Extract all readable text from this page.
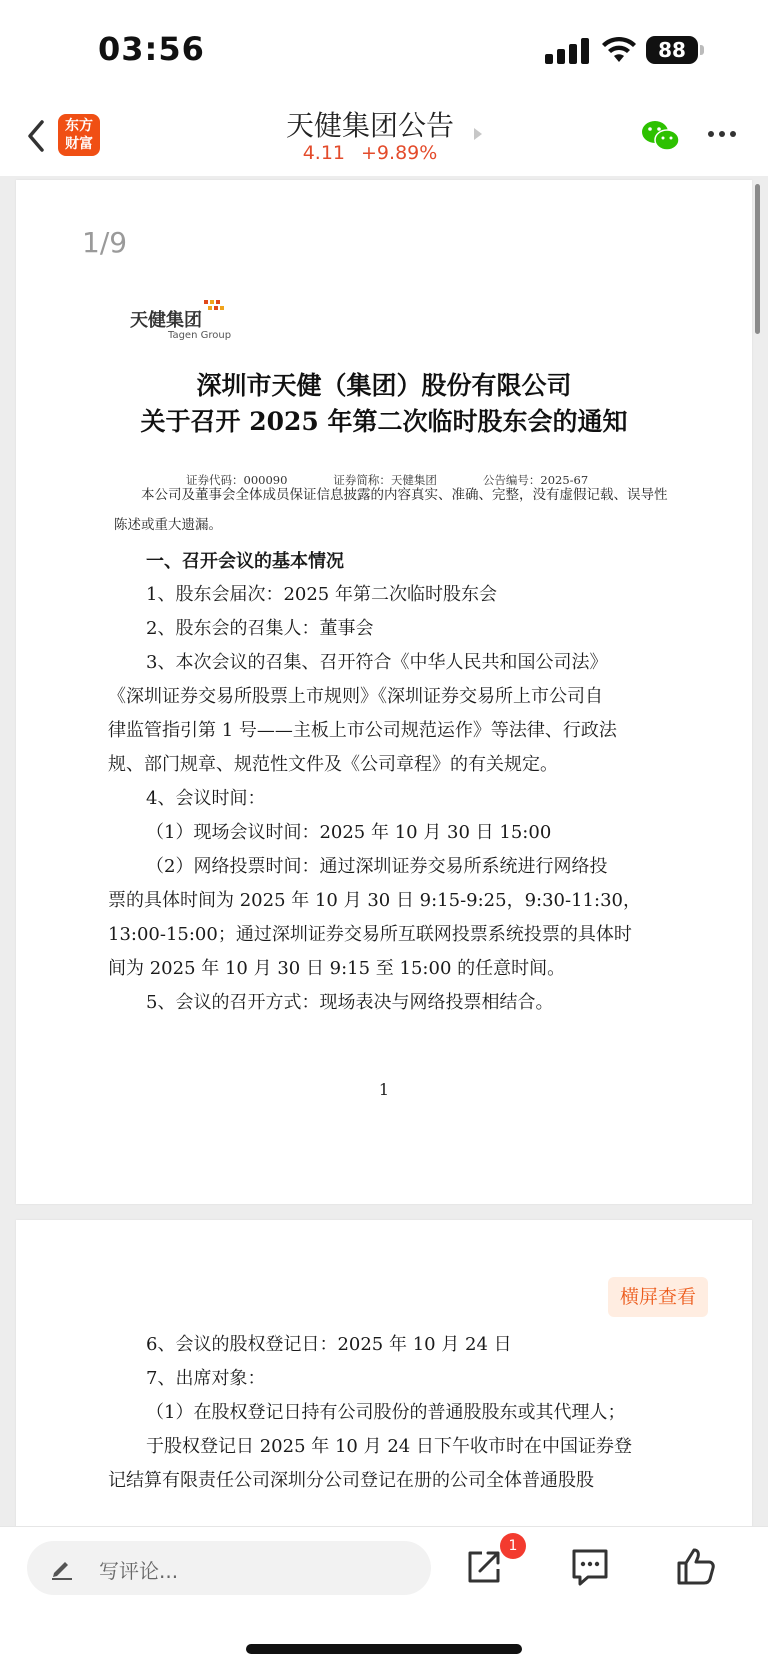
03:56	88
东方
财富
天健集团公告
4.11 +9.89%
1/9
天健集团
Tagen Group
深圳市天健（集团）股份有限公司
关于召开 2025 年第二次临时股东会的通知
证券代码：000090	证券简称：天健集团	公告编号：2025-67
本公司及董事会全体成员保证信息披露的内容真实、准确、完整，没有虚假记载、误导性陈述或重大遗漏。
一、召开会议的基本情况
1、股东会届次：2025 年第二次临时股东会
2、股东会的召集人：董事会
3、本次会议的召集、召开符合《中华人民共和国公司法》
《深圳证券交易所股票上市规则》《深圳证券交易所上市公司自
律监管指引第 1 号——主板上市公司规范运作》等法律、行政法
规、部门规章、规范性文件及《公司章程》的有关规定。
4、会议时间：
（1）现场会议时间：2025 年 10 月 30 日 15:00
（2）网络投票时间：通过深圳证券交易所系统进行网络投
票的具体时间为 2025 年 10 月 30 日 9:15-9:25，9:30-11:30，
13:00-15:00；通过深圳证券交易所互联网投票系统投票的具体时
间为 2025 年 10 月 30 日 9:15 至 15:00 的任意时间。
5、会议的召开方式：现场表决与网络投票相结合。
1
6、会议的股权登记日：2025 年 10 月 24 日
7、出席对象：
（1）在股权登记日持有公司股份的普通股股东或其代理人；
于股权登记日 2025 年 10 月 24 日下午收市时在中国证券登
记结算有限责任公司深圳分公司登记在册的公司全体普通股股
横屏查看
写评论...
1
